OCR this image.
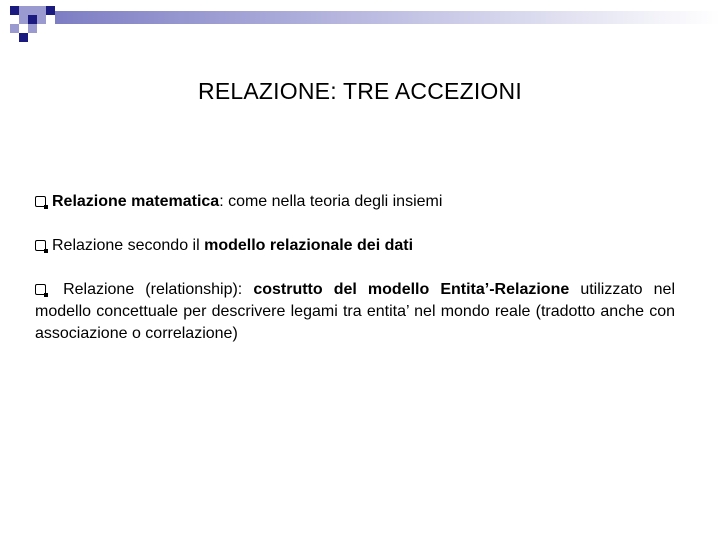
RELAZIONE: TRE ACCEZIONI
Relazione matematica: come nella teoria degli insiemi
Relazione secondo il modello relazionale dei dati
Relazione (relationship): costrutto del modello Entita’-Relazione utilizzato nel modello concettuale per descrivere legami tra entita’ nel mondo reale (tradotto anche con associazione o correlazione)
